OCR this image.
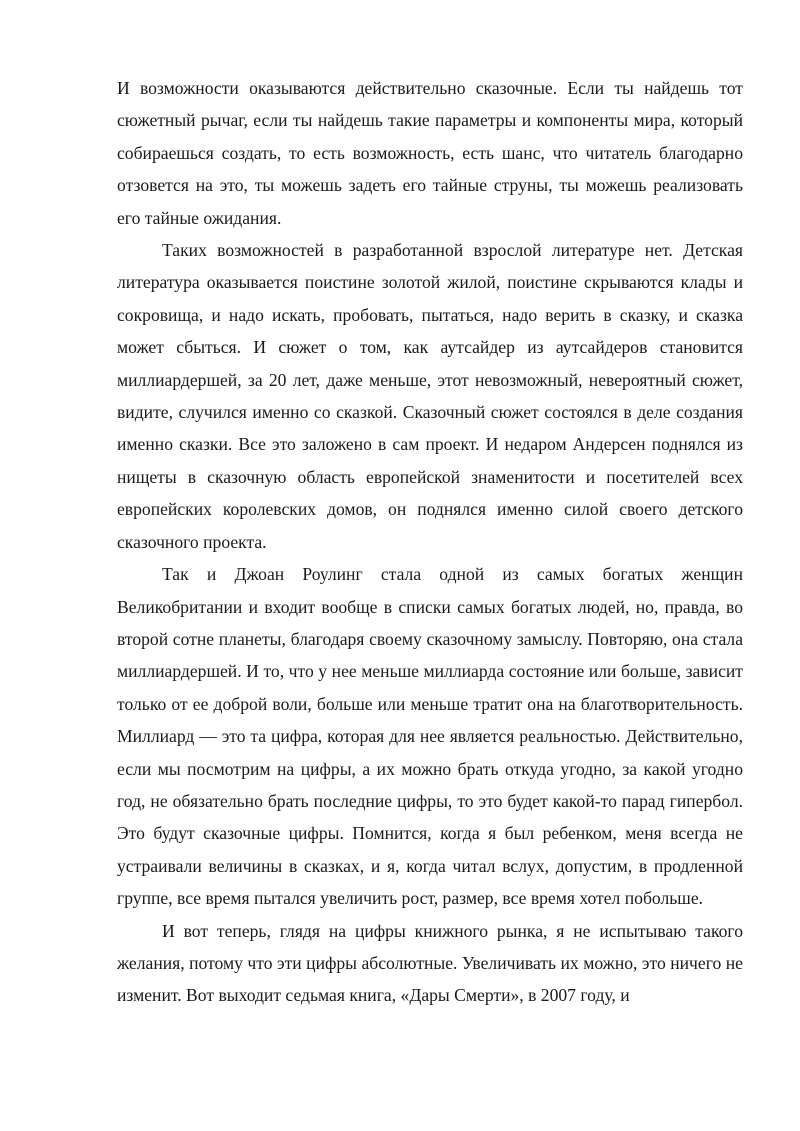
И возможности оказываются действительно сказочные. Если ты найдешь тот сюжетный рычаг, если ты найдешь такие параметры и компоненты мира, который собираешься создать, то есть возможность, есть шанс, что читатель благодарно отзовется на это, ты можешь задеть его тайные струны, ты можешь реализовать его тайные ожидания.

Таких возможностей в разработанной взрослой литературе нет. Детская литература оказывается поистине золотой жилой, поистине скрываются клады и сокровища, и надо искать, пробовать, пытаться, надо верить в сказку, и сказка может сбыться. И сюжет о том, как аутсайдер из аутсайдеров становится миллиардершей, за 20 лет, даже меньше, этот невозможный, невероятный сюжет, видите, случился именно со сказкой. Сказочный сюжет состоялся в деле создания именно сказки. Все это заложено в сам проект. И недаром Андерсен поднялся из нищеты в сказочную область европейской знаменитости и посетителей всех европейских королевских домов, он поднялся именно силой своего детского сказочного проекта.

Так и Джоан Роулинг стала одной из самых богатых женщин Великобритании и входит вообще в списки самых богатых людей, но, правда, во второй сотне планеты, благодаря своему сказочному замыслу. Повторяю, она стала миллиардершей. И то, что у нее меньше миллиарда состояние или больше, зависит только от ее доброй воли, больше или меньше тратит она на благотворительность. Миллиард — это та цифра, которая для нее является реальностью. Действительно, если мы посмотрим на цифры, а их можно брать откуда угодно, за какой угодно год, не обязательно брать последние цифры, то это будет какой-то парад гипербол. Это будут сказочные цифры. Помнится, когда я был ребенком, меня всегда не устраивали величины в сказках, и я, когда читал вслух, допустим, в продленной группе, все время пытался увеличить рост, размер, все время хотел побольше.

И вот теперь, глядя на цифры книжного рынка, я не испытываю такого желания, потому что эти цифры абсолютные. Увеличивать их можно, это ничего не изменит. Вот выходит седьмая книга, «Дары Смерти», в 2007 году, и
